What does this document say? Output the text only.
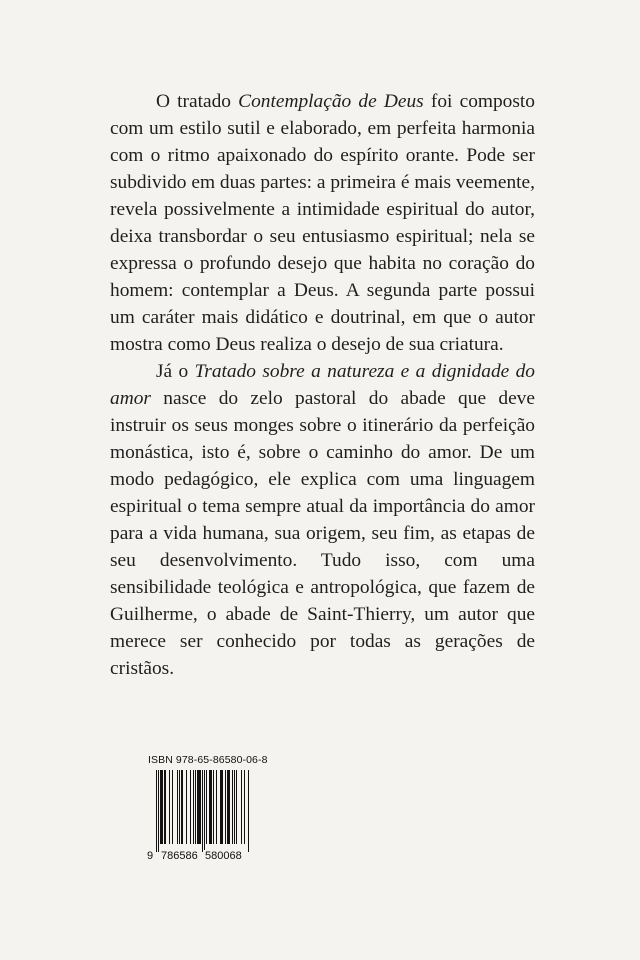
O tratado Contemplação de Deus foi composto com um estilo sutil e elaborado, em perfeita harmonia com o ritmo apaixonado do espírito orante. Pode ser subdivido em duas partes: a primeira é mais veemente, revela possivelmente a intimidade espiritual do autor, deixa transbordar o seu entusiasmo espiritual; nela se expressa o profundo desejo que habita no coração do homem: contemplar a Deus. A segunda parte possui um caráter mais didático e doutrinal, em que o autor mostra como Deus realiza o desejo de sua criatura.

Já o Tratado sobre a natureza e a dignidade do amor nasce do zelo pastoral do abade que deve instruir os seus monges sobre o itinerário da perfeição monástica, isto é, sobre o caminho do amor. De um modo pedagógico, ele explica com uma linguagem espiritual o tema sempre atual da importância do amor para a vida humana, sua origem, seu fim, as etapas de seu desenvolvimento. Tudo isso, com uma sensibilidade teológica e antropológica, que fazem de Guilherme, o abade de Saint-Thierry, um autor que merece ser conhecido por todas as gerações de cristãos.

ISBN 978-65-86580-06-8
9 786586 580068
